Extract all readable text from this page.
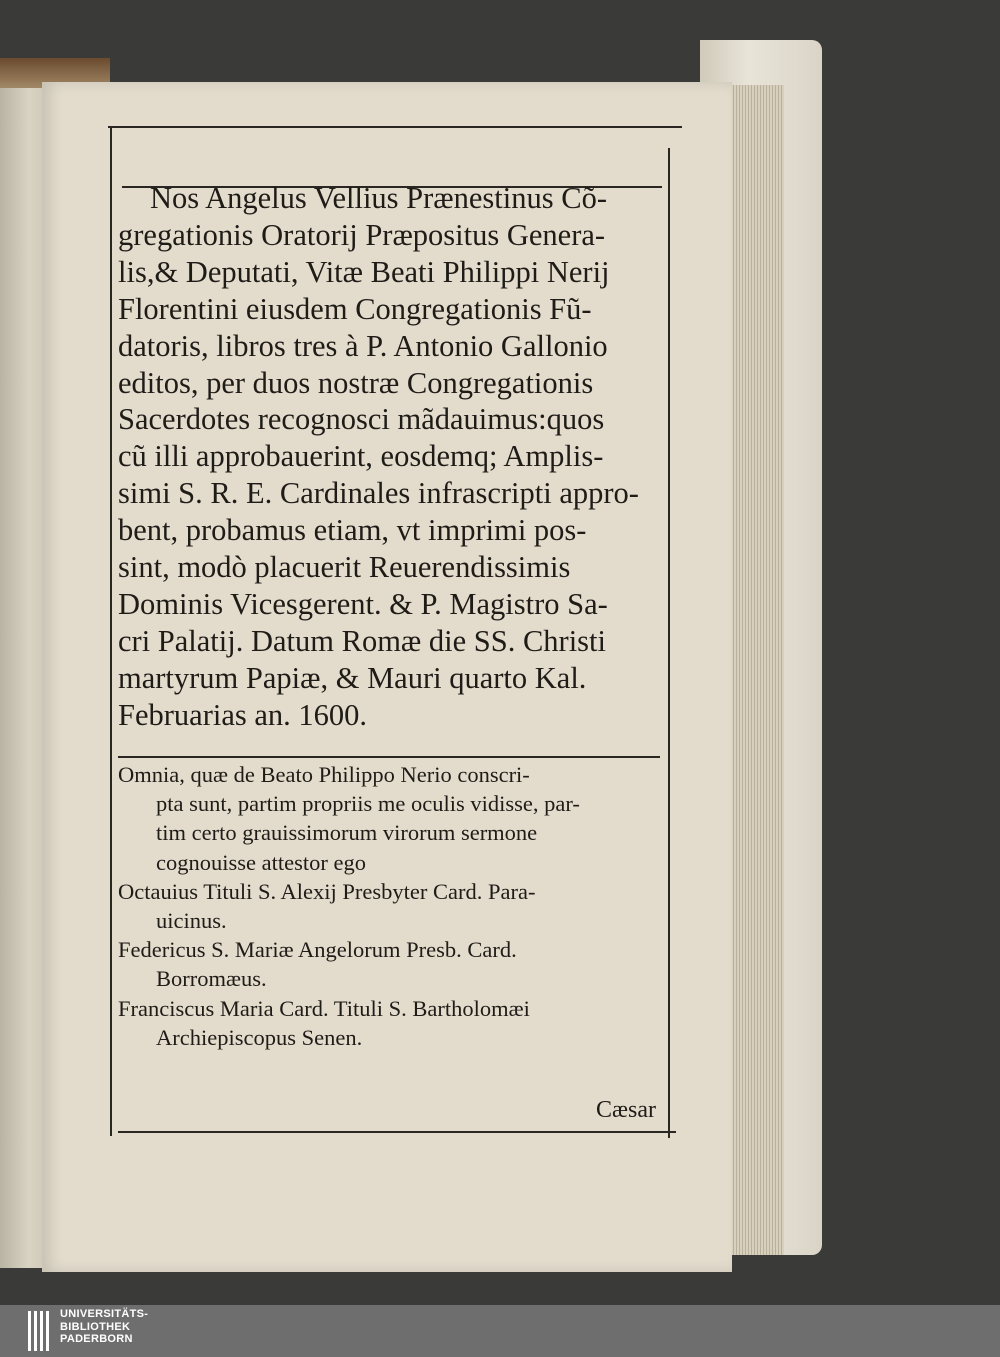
Nos Angelus Vellius Prænestinus Cõ-
gregationis Oratorij Præpositus Genera-
lis,& Deputati, Vitæ Beati Philippi Nerij
Florentini eiusdem Congregationis Fũ-
datoris, libros tres à P. Antonio Gallonio
editos, per duos nostræ Congregationis
Sacerdotes recognosci mãdauimus:quos
cũ illi approbauerint, eosdemq; Amplis-
simi S. R. E. Cardinales infrascripti appro-
bent, probamus etiam, vt imprimi pos-
sint, modò placuerit Reuerendissimis
Dominis Vicesgerent. & P. Magistro Sa-
cri Palatij. Datum Romæ die SS. Christi
martyrum Papiæ, & Mauri quarto Kal.
Februarias an. 1600.
Omnia, quæ de Beato Philippo Nerio conscri-
pta sunt, partim propriis me oculis vidisse, par-
tim certo grauissimorum virorum sermone
cognouisse attestor ego
Octauius Tituli S. Alexij Presbyter Card. Para-
uicinus.
Federicus S. Mariæ Angelorum Presb. Card.
Borromæus.
Franciscus Maria Card. Tituli S. Bartholomæi
Archiepiscopus Senen.
Cæsar
UNIVERSITÄTS-
BIBLIOTHEK
PADERBORN
